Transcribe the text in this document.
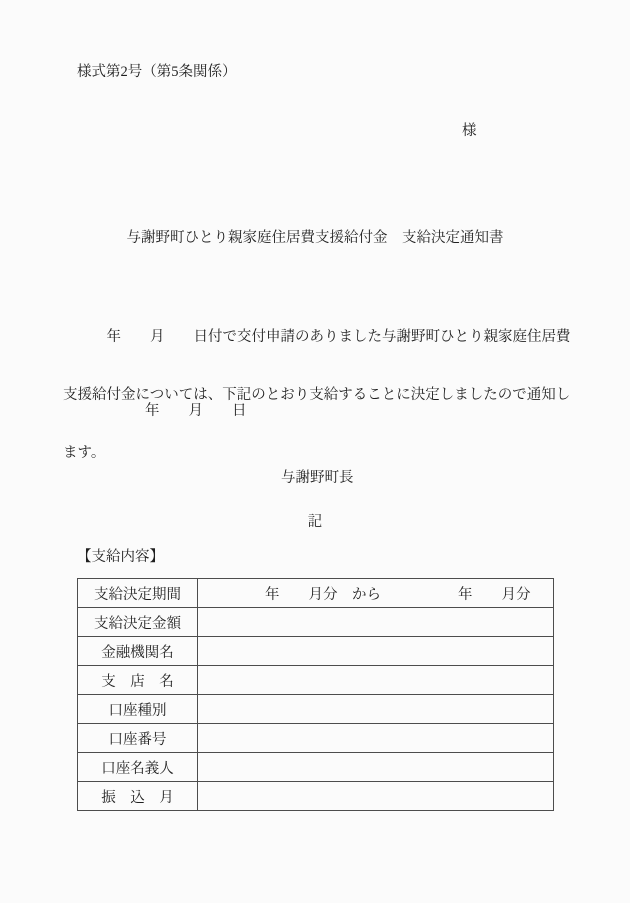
様式第2号（第5条関係）
様
与謝野町ひとり親家庭住居費支援給付金　支給決定通知書

　　　年　　月　　日付で交付申請のありました与謝野町ひとり親家庭住居費

支援給付金については、下記のとおり支給することに決定しましたので通知し

ます。

年　　月　　日
与謝野町長
記
【支給内容】
支給決定期間	年　　月分　から 年　　月分
支給決定金額	
金融機関名	
支　店　名	
口座種別	
口座番号	
口座名義人	
振　込　月	
